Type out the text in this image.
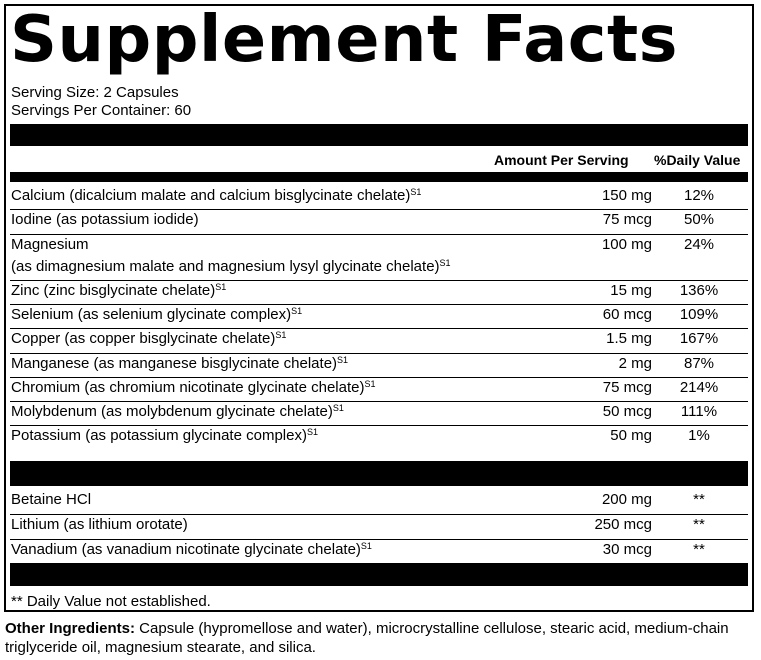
Supplement Facts
Serving Size: 2 Capsules
Servings Per Container: 60
Amount Per Serving %Daily Value
Calcium (dicalcium malate and calcium bisglycinate chelate)$^{S1}$	150 mg	12%
Iodine (as potassium iodide)	75 mcg	50%
Magnesium
(as dimagnesium malate and magnesium lysyl glycinate chelate)$^{S1}$
100 mg	24%
Zinc (zinc bisglycinate chelate)$^{S1}$	15 mg	136%
Selenium (as selenium glycinate complex)$^{S1}$	60 mcg	109%
Copper (as copper bisglycinate chelate)$^{S1}$	1.5 mg	167%
Manganese (as manganese bisglycinate chelate)$^{S1}$	2 mg	87%
Chromium (as chromium nicotinate glycinate chelate)$^{S1}$	75 mcg	214%
Molybdenum (as molybdenum glycinate chelate)$^{S1}$	50 mcg	111%
Potassium (as potassium glycinate complex)$^{S1}$	50 mg	1%
Betaine HCl	200 mg	**
Lithium (as lithium orotate)	250 mcg	**
Vanadium (as vanadium nicotinate glycinate chelate)$^{S1}$	30 mcg	**
** Daily Value not established.
Other Ingredients: Capsule (hypromellose and water), microcrystalline cellulose, stearic acid, medium-chain triglyceride oil, magnesium stearate, and silica.
